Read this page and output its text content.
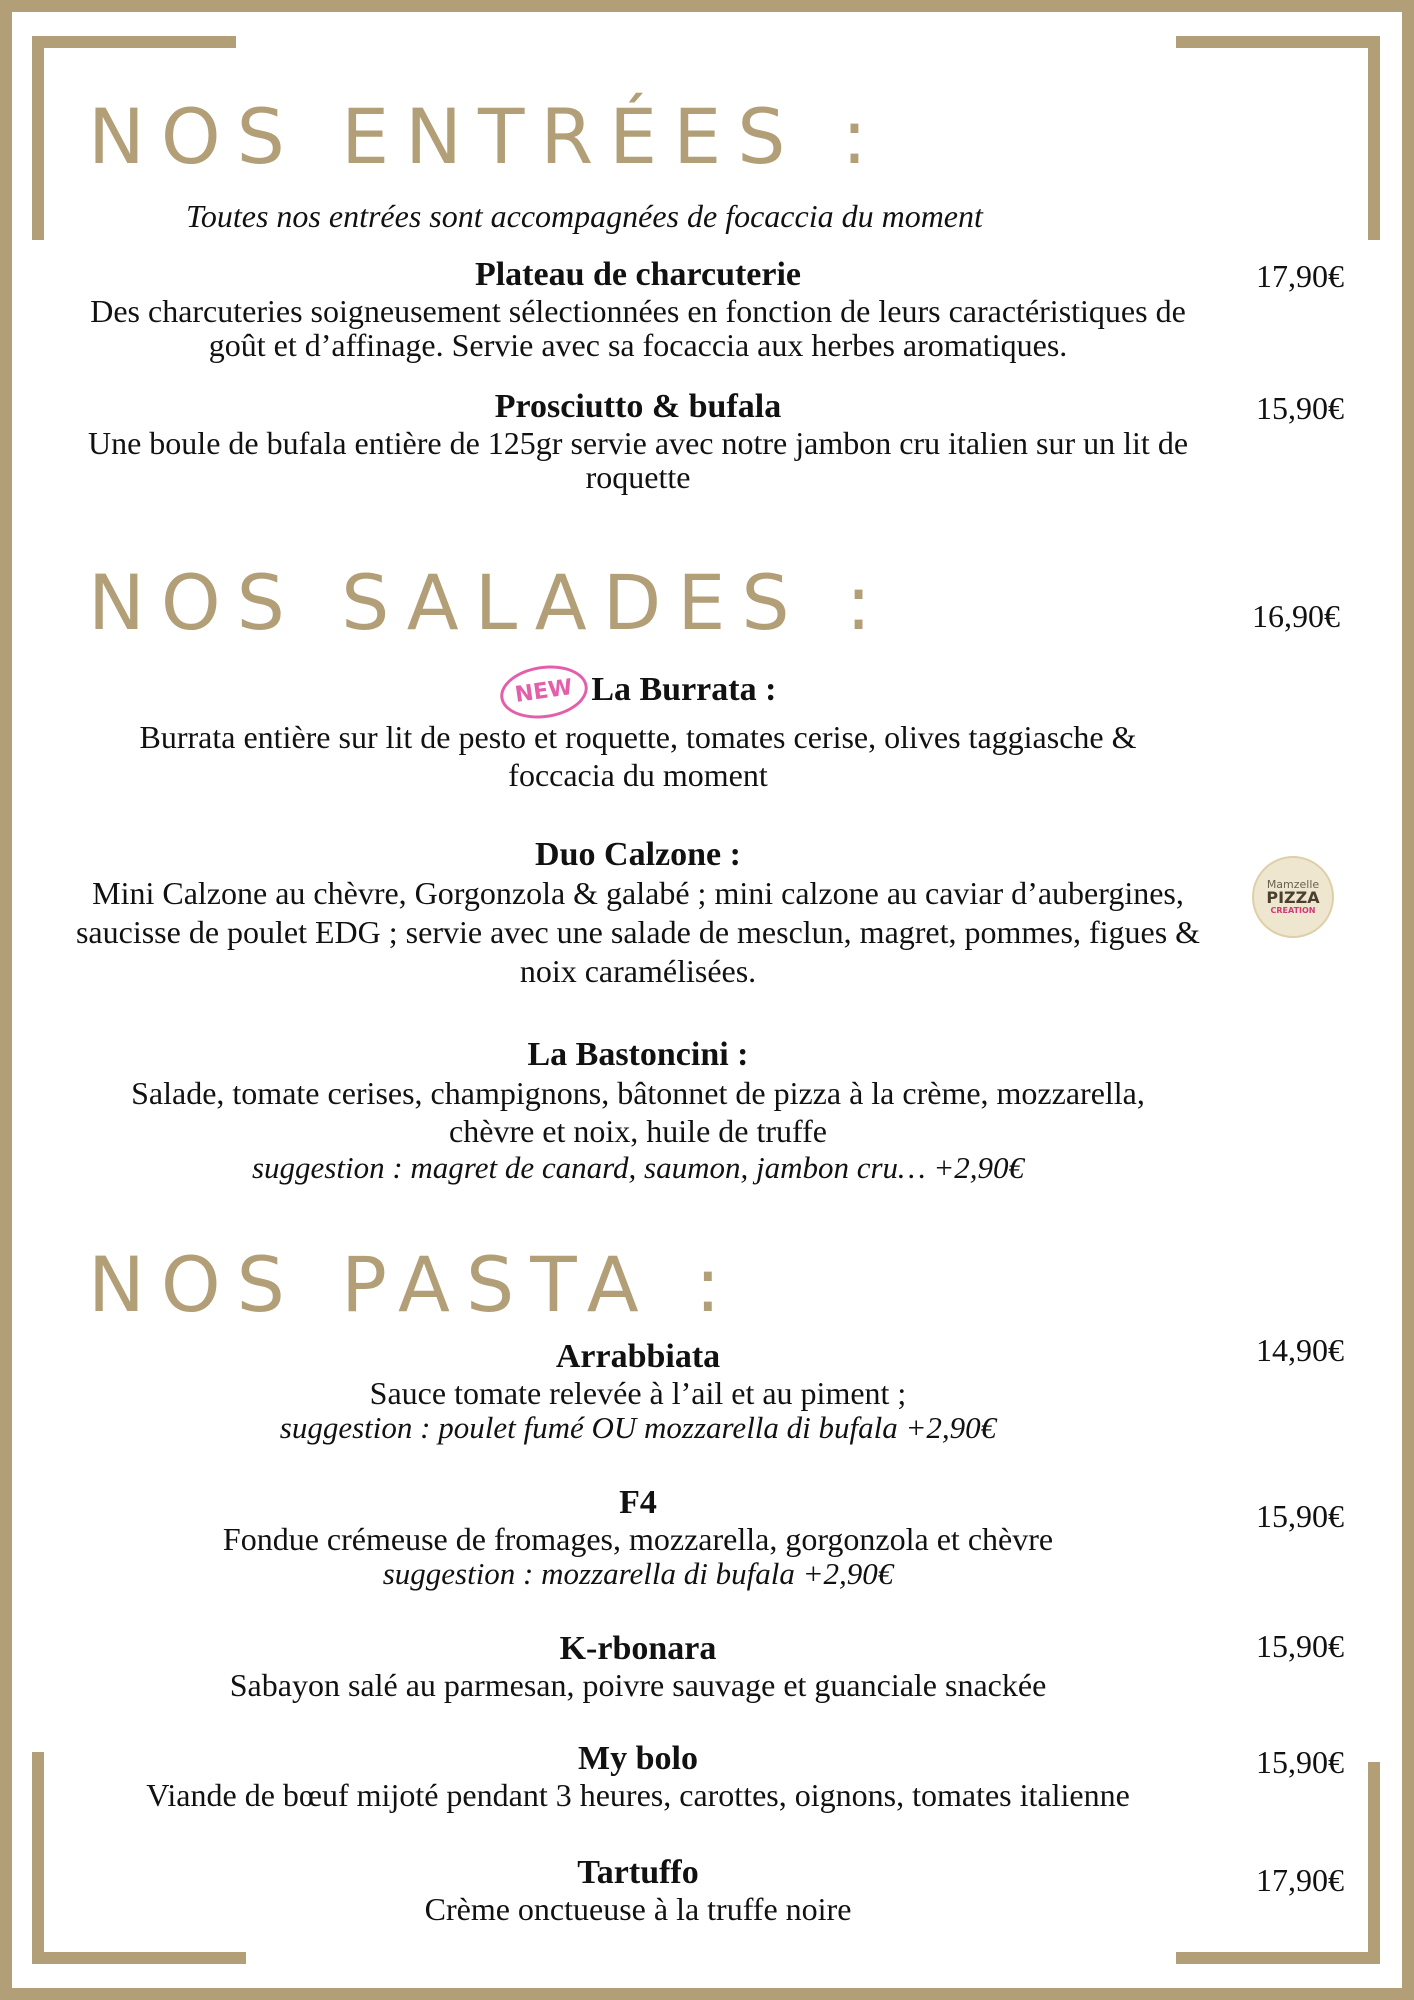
NOS ENTRÉES :
Toutes nos entrées sont accompagnées de focaccia du moment
Plateau de charcuterie
Des charcuteries soigneusement sélectionnées en fonction de leurs caractéristiques de goût et d’affinage. Servie avec sa focaccia aux herbes aromatiques.
17,90€
Prosciutto & bufala
Une boule de bufala entière de 125gr servie avec notre jambon cru italien sur un lit de roquette
15,90€
NOS SALADES :	16,90€
NEW La Burrata :
Burrata entière sur lit de pesto et roquette, tomates cerise, olives taggiasche & foccacia du moment
Duo Calzone :
Mini Calzone au chèvre, Gorgonzola & galabé ; mini calzone au caviar d’aubergines, saucisse de poulet EDG ; servie avec une salade de mesclun, magret, pommes, figues & noix caramélisées.
Mamzelle
PIZZA
CREATION
La Bastoncini :
Salade, tomate cerises, champignons, bâtonnet de pizza à la crème, mozzarella, chèvre et noix, huile de truffe
suggestion : magret de canard, saumon, jambon cru… +2,90€
NOS PASTA :
Arrabbiata
Sauce tomate relevée à l’ail et au piment ;
suggestion : poulet fumé OU mozzarella di bufala +2,90€
14,90€
F4
Fondue crémeuse de fromages, mozzarella, gorgonzola et chèvre
suggestion : mozzarella di bufala +2,90€
15,90€
K-rbonara
Sabayon salé au parmesan, poivre sauvage et guanciale snackée
15,90€
My bolo
Viande de bœuf mijoté pendant 3 heures, carottes, oignons, tomates italienne
15,90€
Tartuffo
Crème onctueuse à la truffe noire
17,90€
